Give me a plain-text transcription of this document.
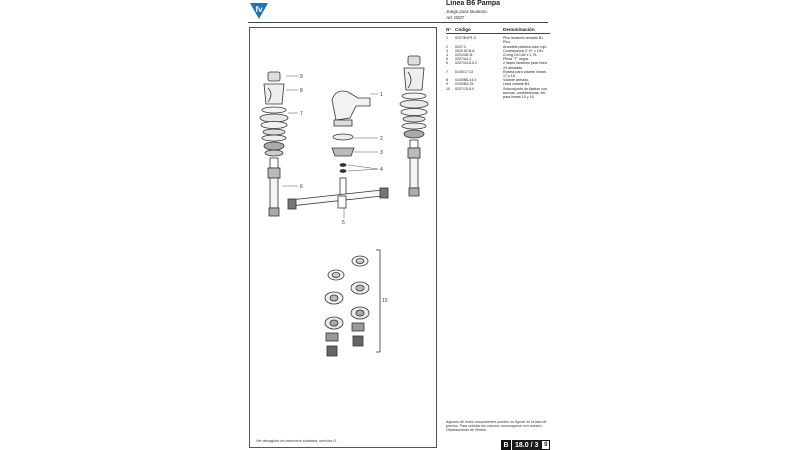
fv
Línea B6 Pampa
Juego para lavatorio.
Art. 0207
1
2
3
4
5
6
7
8
9
10
Ver desagües en broncería sanitaria, sección G.
N° Código	Denominación
1	0207/B1P1.0	Pico lavatorio armado B1 Plus.
2	0207.2	Arandela plástica color rojo.
3	0520.6CN.A	Contratuerca G ½" x 14h.
4	0201/48.11	O-ring D10,82 x 1,78.
5	0207/A1.2	Pieza "T" negra.
6	0207/24.6.0.2	2 llaves lavatorio para línea 24 armadas.
7	0100/17.13	Roseta para volante líneas 17 y 18.
8	0100/B6.14.0	Volante armado.
9	0100/B4.15	Letra volante B4.
10	0207/15.8.0	Subconjunto de fijación con tuercas, contratuercas, etc. para líneas 15 y 16.
Algunos de estos componentes pueden no figurar en la lista de precios. Para solicitar los mismos comuníquese con nuestro Departamento de Ventas.
B 18.0 / 3 0
